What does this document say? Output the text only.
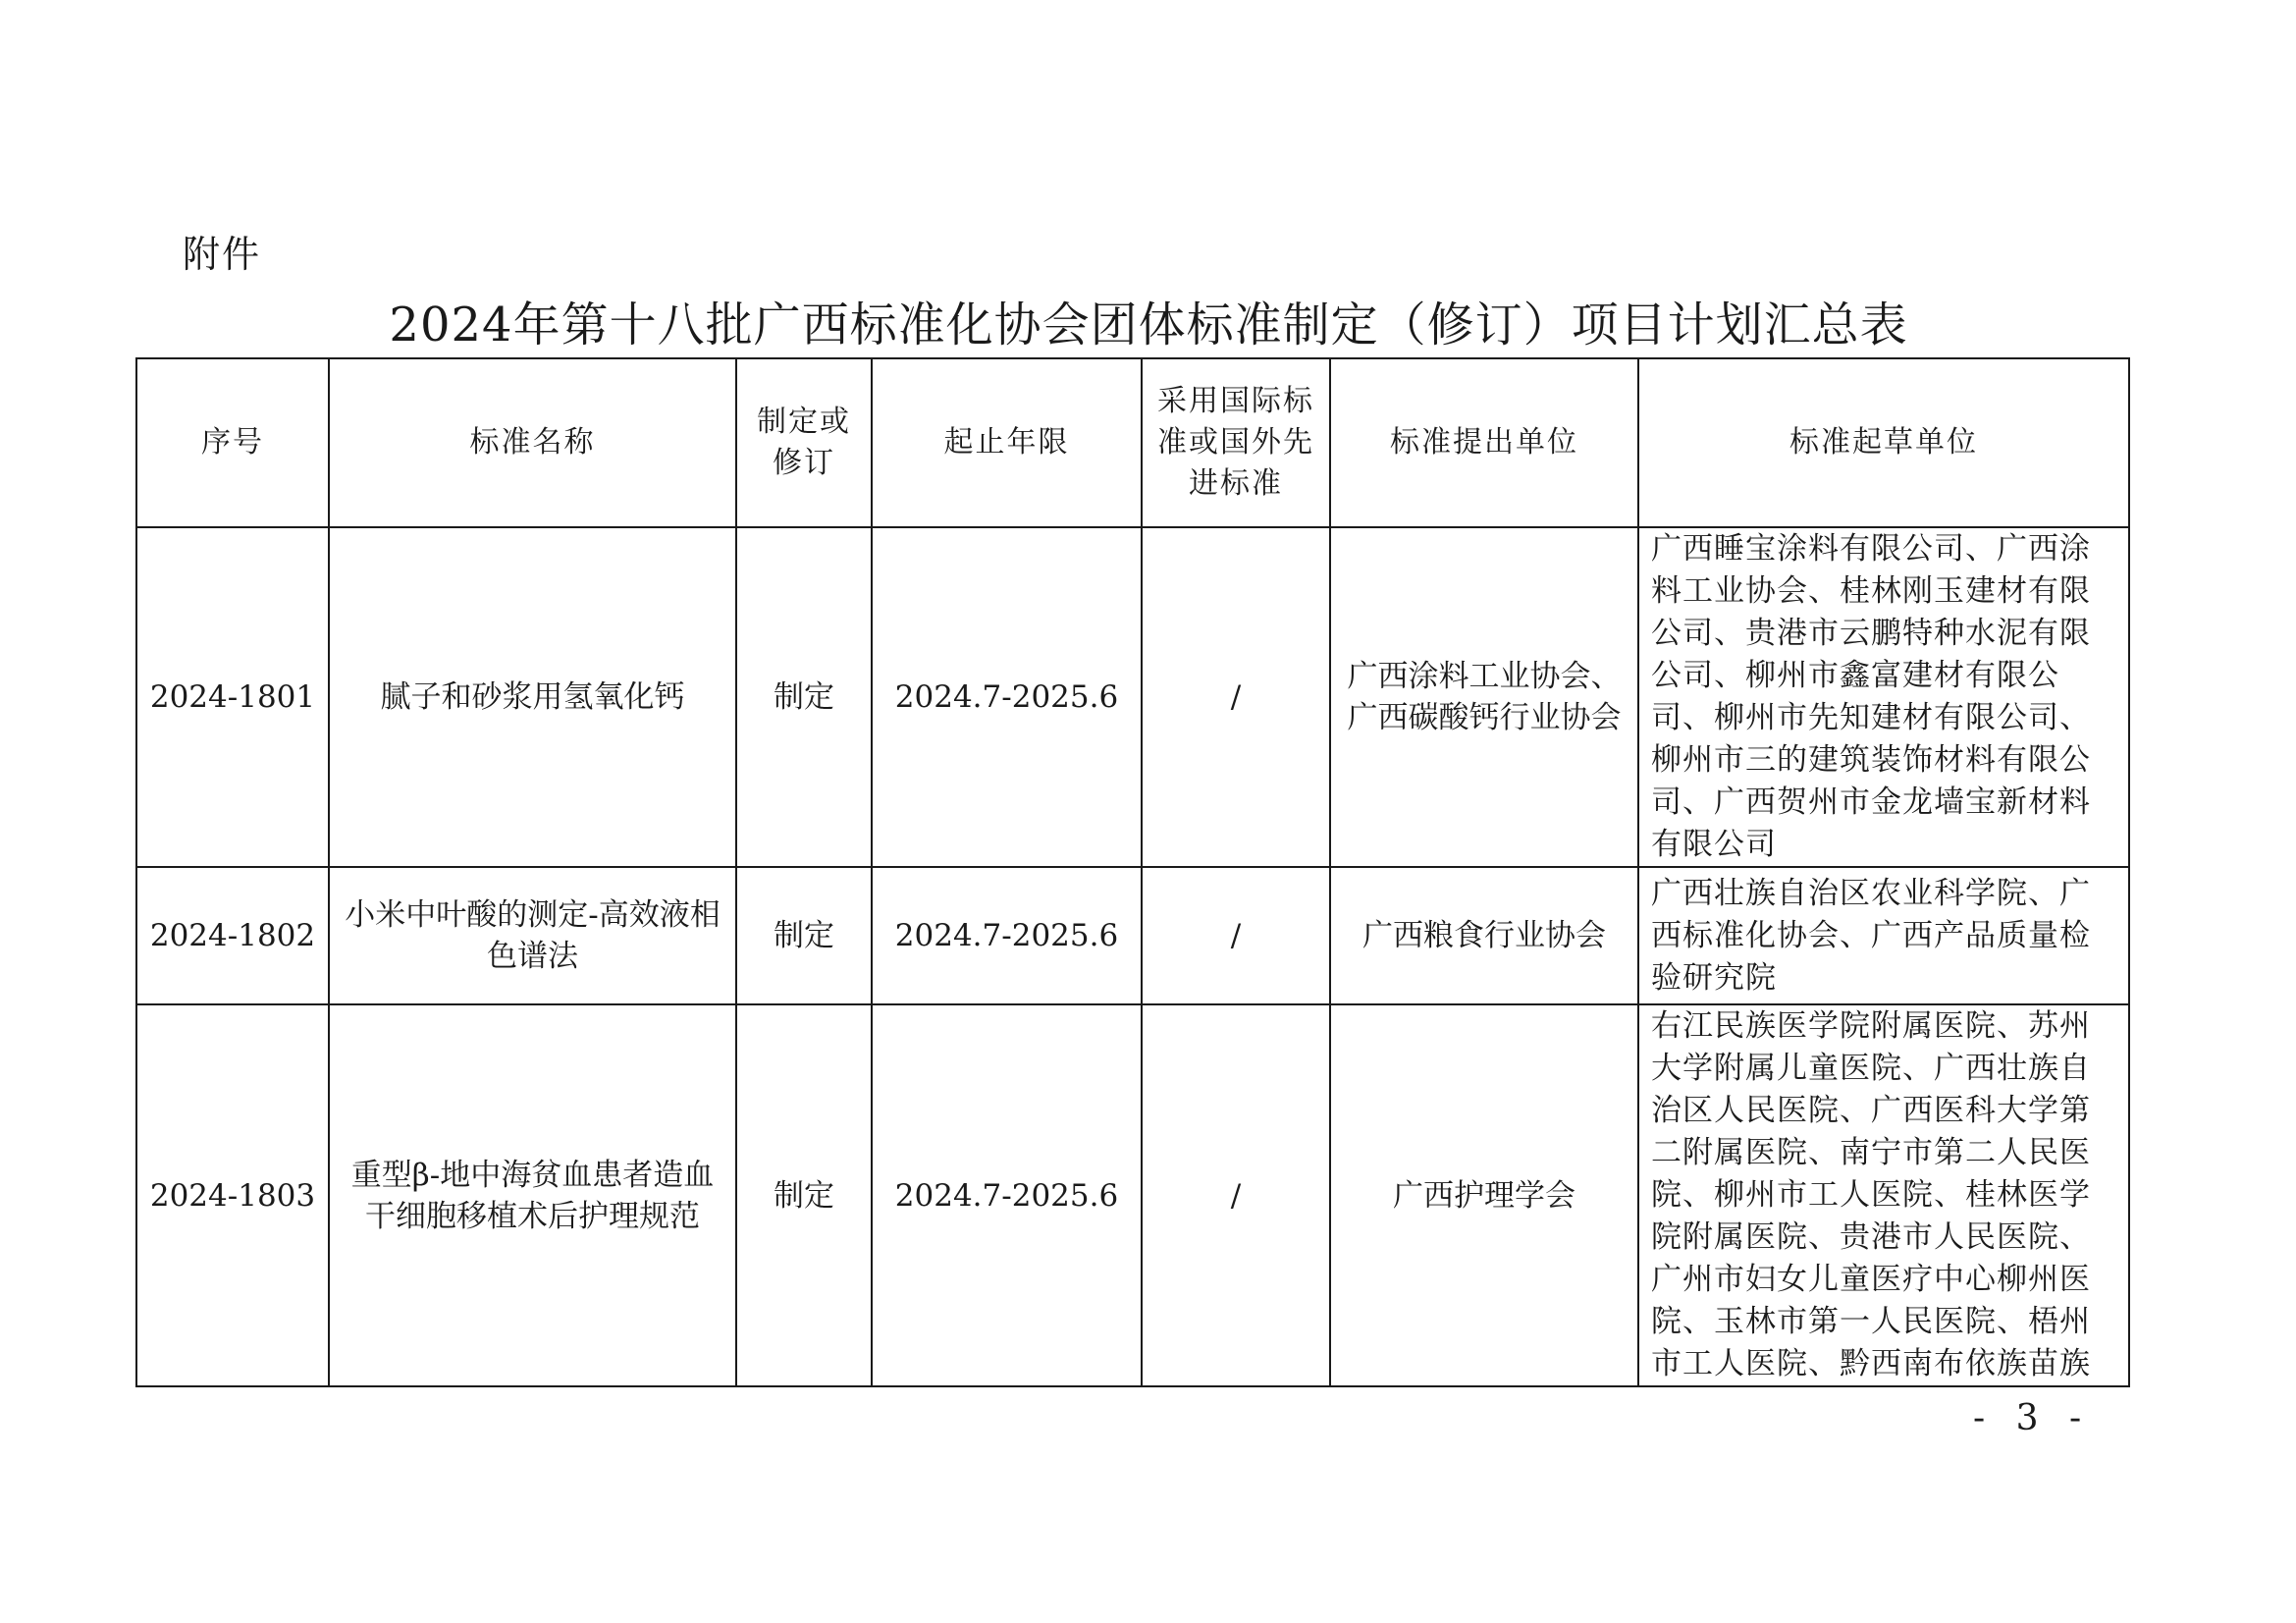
附件
2024年第十八批广西标准化协会团体标准制定（修订）项目计划汇总表
序号	标准名称	制定或修订	起止年限	采用国际标准或国外先进标准	标准提出单位	标准起草单位
2024-1801	腻子和砂浆用氢氧化钙	制定	2024.7-2025.6	/	广西涂料工业协会、广西碳酸钙行业协会	广西睡宝涂料有限公司、广西涂料工业协会、桂林刚玉建材有限公司、贵港市云鹏特种水泥有限公司、柳州市鑫富建材有限公司、柳州市先知建材有限公司、柳州市三的建筑装饰材料有限公司、广西贺州市金龙墙宝新材料有限公司
2024-1802	小米中叶酸的测定-高效液相色谱法	制定	2024.7-2025.6	/	广西粮食行业协会	广西壮族自治区农业科学院、广西标准化协会、广西产品质量检验研究院
2024-1803	重型β-地中海贫血患者造血干细胞移植术后护理规范	制定	2024.7-2025.6	/	广西护理学会	右江民族医学院附属医院、苏州大学附属儿童医院、广西壮族自治区人民医院、广西医科大学第二附属医院、南宁市第二人民医院、柳州市工人医院、桂林医学院附属医院、贵港市人民医院、广州市妇女儿童医疗中心柳州医院、玉林市第一人民医院、梧州市工人医院、黔西南布依族苗族
- 3 -
